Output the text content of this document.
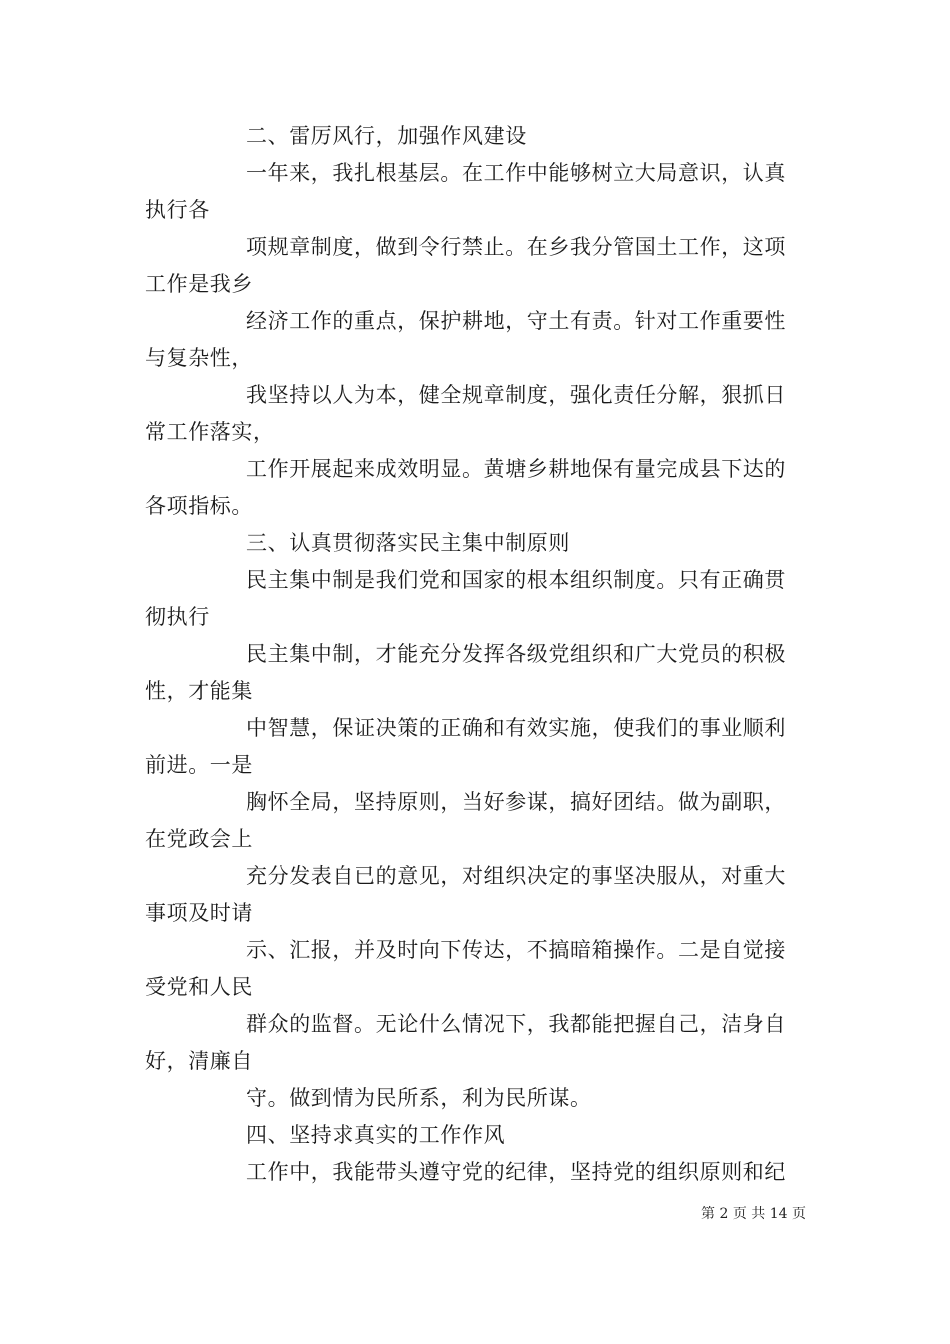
二、雷厉风行，加强作风建设
一年来，我扎根基层。在工作中能够树立大局意识，认真
执行各
项规章制度，做到令行禁止。在乡我分管国土工作，这项
工作是我乡
经济工作的重点，保护耕地，守土有责。针对工作重要性
与复杂性，
我坚持以人为本，健全规章制度，强化责任分解，狠抓日
常工作落实，
工作开展起来成效明显。黄塘乡耕地保有量完成县下达的
各项指标。
三、认真贯彻落实民主集中制原则
民主集中制是我们党和国家的根本组织制度。只有正确贯
彻执行
民主集中制，才能充分发挥各级党组织和广大党员的积极
性，才能集
中智慧，保证决策的正确和有效实施，使我们的事业顺利
前进。一是
胸怀全局，坚持原则，当好参谋，搞好团结。做为副职，
在党政会上
充分发表自已的意见，对组织决定的事坚决服从，对重大
事项及时请
示、汇报，并及时向下传达，不搞暗箱操作。二是自觉接
受党和人民
群众的监督。无论什么情况下，我都能把握自己，洁身自
好，清廉自
守。做到情为民所系，利为民所谋。
四、坚持求真实的工作作风
工作中，我能带头遵守党的纪律，坚持党的组织原则和纪
第 2 页 共 14 页
